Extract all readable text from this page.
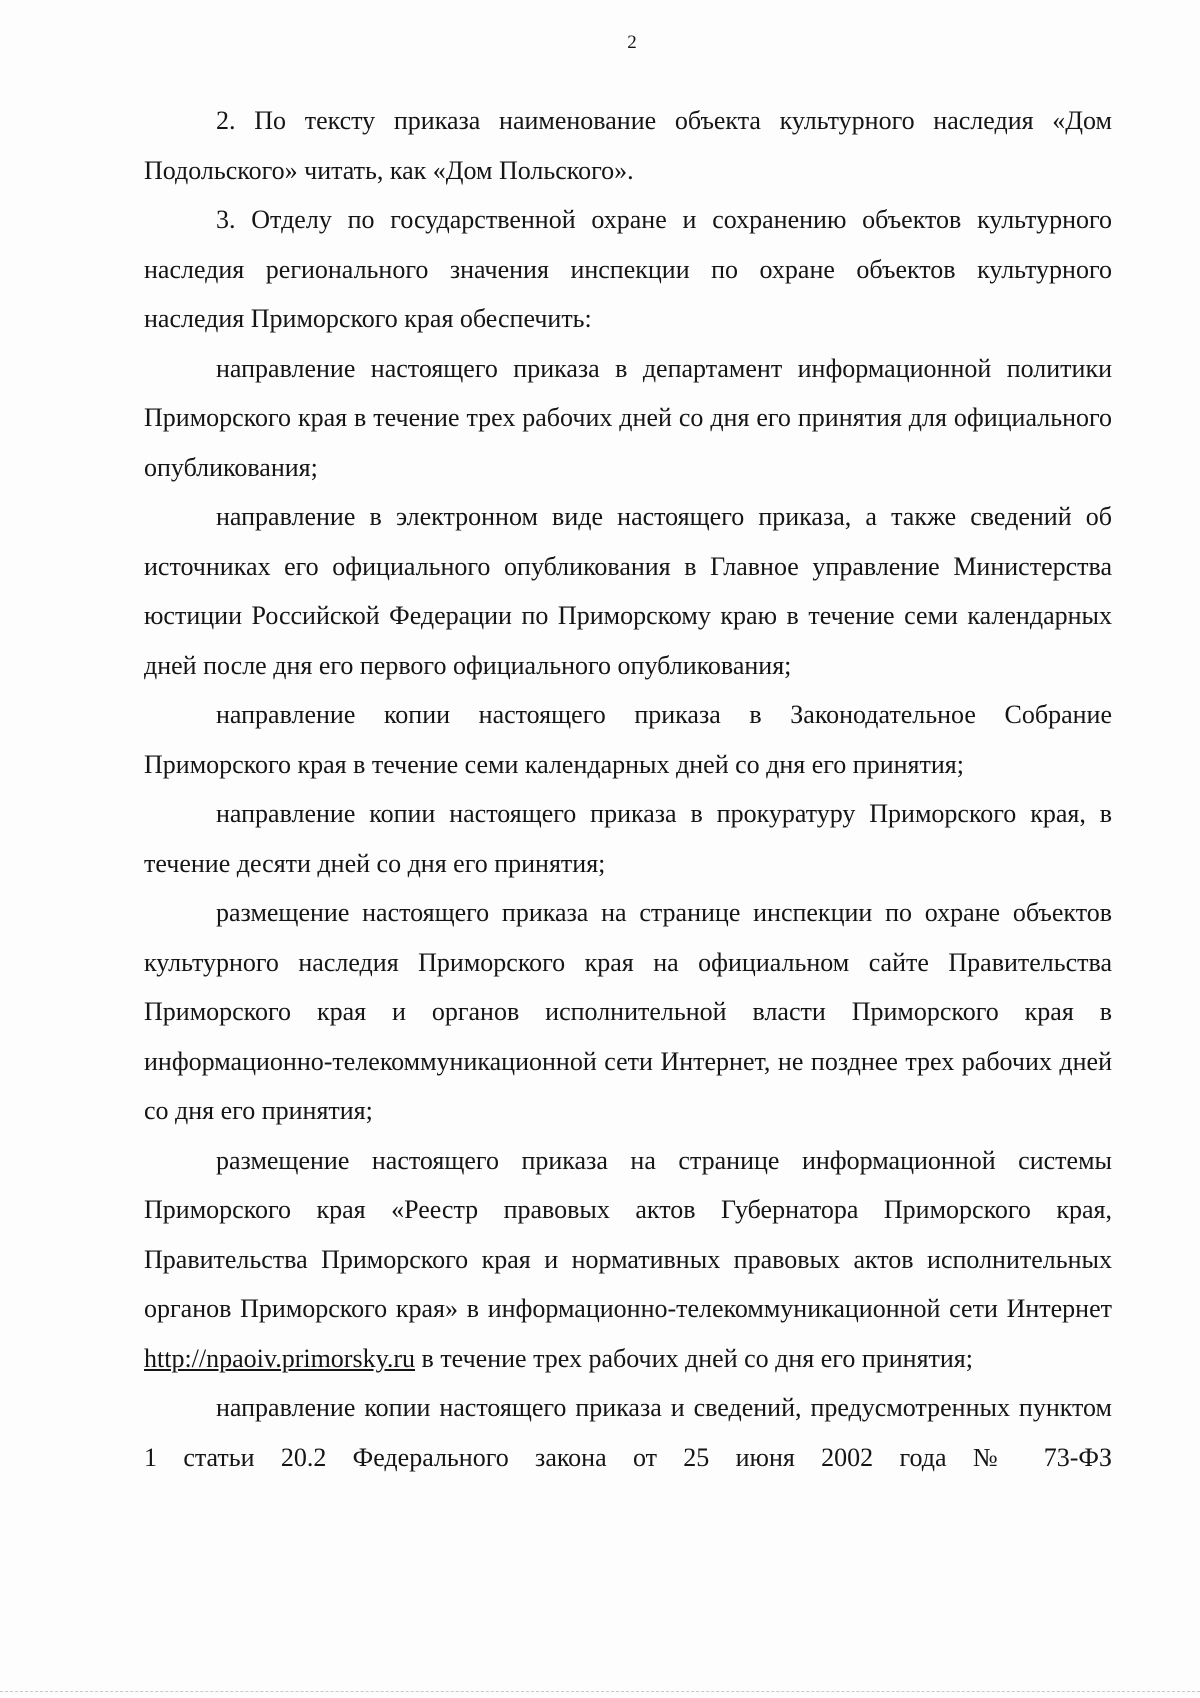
2

2. По тексту приказа наименование объекта культурного наследия «Дом Подольского» читать, как «Дом Польского».

3. Отделу по государственной охране и сохранению объектов культурного наследия регионального значения инспекции по охране объектов культурного наследия Приморского края обеспечить:

направление настоящего приказа в департамент информационной политики Приморского края в течение трех рабочих дней со дня его принятия для официального опубликования;

направление в электронном виде настоящего приказа, а также сведений об источниках его официального опубликования в Главное управление Министерства юстиции Российской Федерации по Приморскому краю в течение семи календарных дней после дня его первого официального опубликования;

направление копии настоящего приказа в Законодательное Собрание Приморского края в течение семи календарных дней со дня его принятия;

направление копии настоящего приказа в прокуратуру Приморского края, в течение десяти дней со дня его принятия;

размещение настоящего приказа на странице инспекции по охране объектов культурного наследия Приморского края на официальном сайте Правительства Приморского края и органов исполнительной власти Приморского края в информационно-телекоммуникационной сети Интернет, не позднее трех рабочих дней со дня его принятия;

размещение настоящего приказа на странице информационной системы Приморского края «Реестр правовых актов Губернатора Приморского края, Правительства Приморского края и нормативных правовых актов исполнительных органов Приморского края» в информационно-телекоммуникационной сети Интернет http://npaoiv.primorsky.ru в течение трех рабочих дней со дня его принятия;

направление копии настоящего приказа и сведений, предусмотренных пунктом 1 статьи 20.2 Федерального закона от 25 июня 2002 года № 73-ФЗ
